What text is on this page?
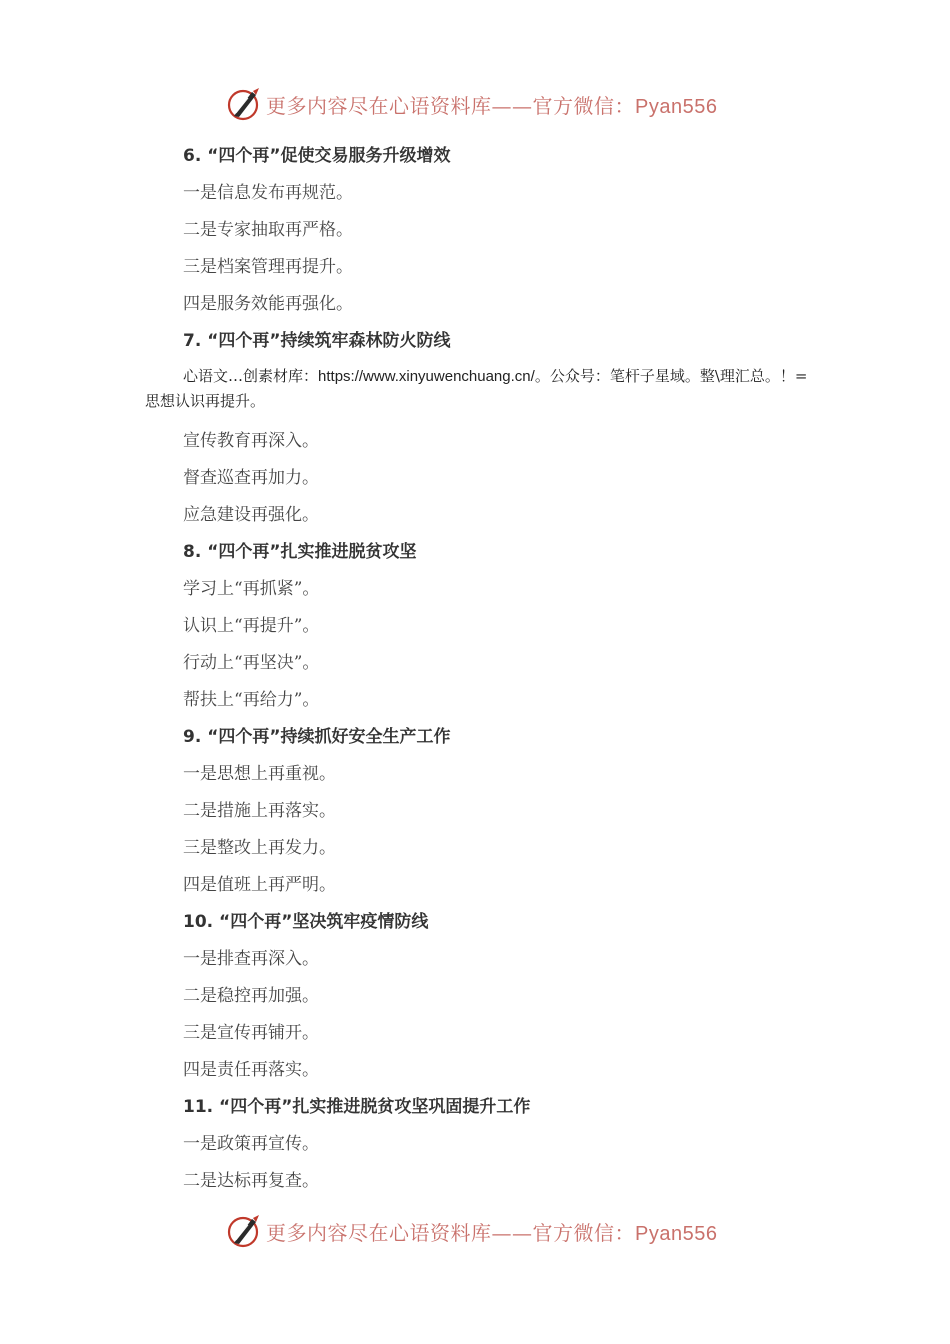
更多内容尽在心语资料库——官方微信：Pyan556
6. “四个再”促使交易服务升级增效
一是信息发布再规范。
二是专家抽取再严格。
三是档案管理再提升。
四是服务效能再强化。
7. “四个再”持续筑牢森林防火防线
心语文…创素材库：https://www.xinyuwenchuang.cn/。公众号：笔杆子星域。整\理汇总。！=思想认识再提升。
宣传教育再深入。
督查巡查再加力。
应急建设再强化。
8. “四个再”扎实推进脱贫攻坚
学习上“再抓紧”。
认识上“再提升”。
行动上“再坚决”。
帮扶上“再给力”。
9. “四个再”持续抓好安全生产工作
一是思想上再重视。
二是措施上再落实。
三是整改上再发力。
四是值班上再严明。
10. “四个再”坚决筑牢疫情防线
一是排查再深入。
二是稳控再加强。
三是宣传再铺开。
四是责任再落实。
11. “四个再”扎实推进脱贫攻坚巩固提升工作
一是政策再宣传。
二是达标再复查。
更多内容尽在心语资料库——官方微信：Pyan556
